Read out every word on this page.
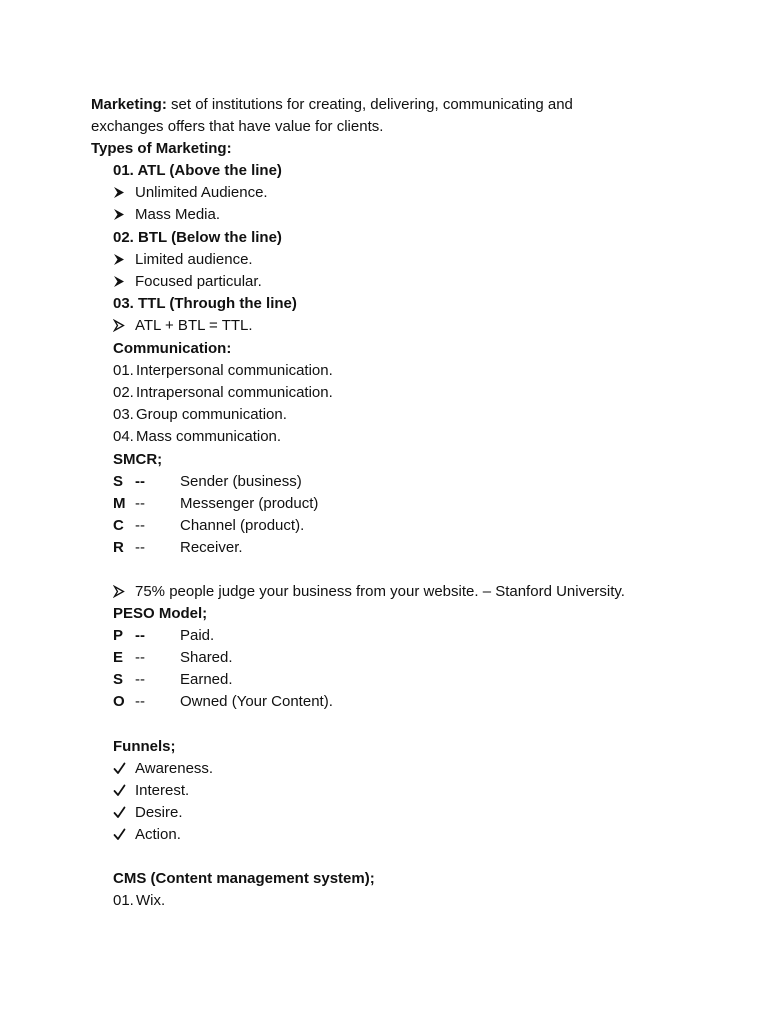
Marketing: set of institutions for creating, delivering, communicating and
exchanges offers that have value for clients.
Types of Marketing:
01. ATL (Above the line)
Unlimited Audience.
Mass Media.
02. BTL (Below the line)
Limited audience.
Focused particular.
03. TTL (Through the line)
ATL + BTL = TTL.
Communication:
01. Interpersonal communication.
02. Intrapersonal communication.
03. Group communication.
04. Mass communication.
SMCR;
S -- Sender (business)
M -- Messenger (product)
C -- Channel (product).
R -- Receiver.
75% people judge your business from your website. – Stanford University.
PESO Model;
P -- Paid.
E -- Shared.
S -- Earned.
O -- Owned (Your Content).
Funnels;
Awareness.
Interest.
Desire.
Action.
CMS (Content management system);
01. Wix.
